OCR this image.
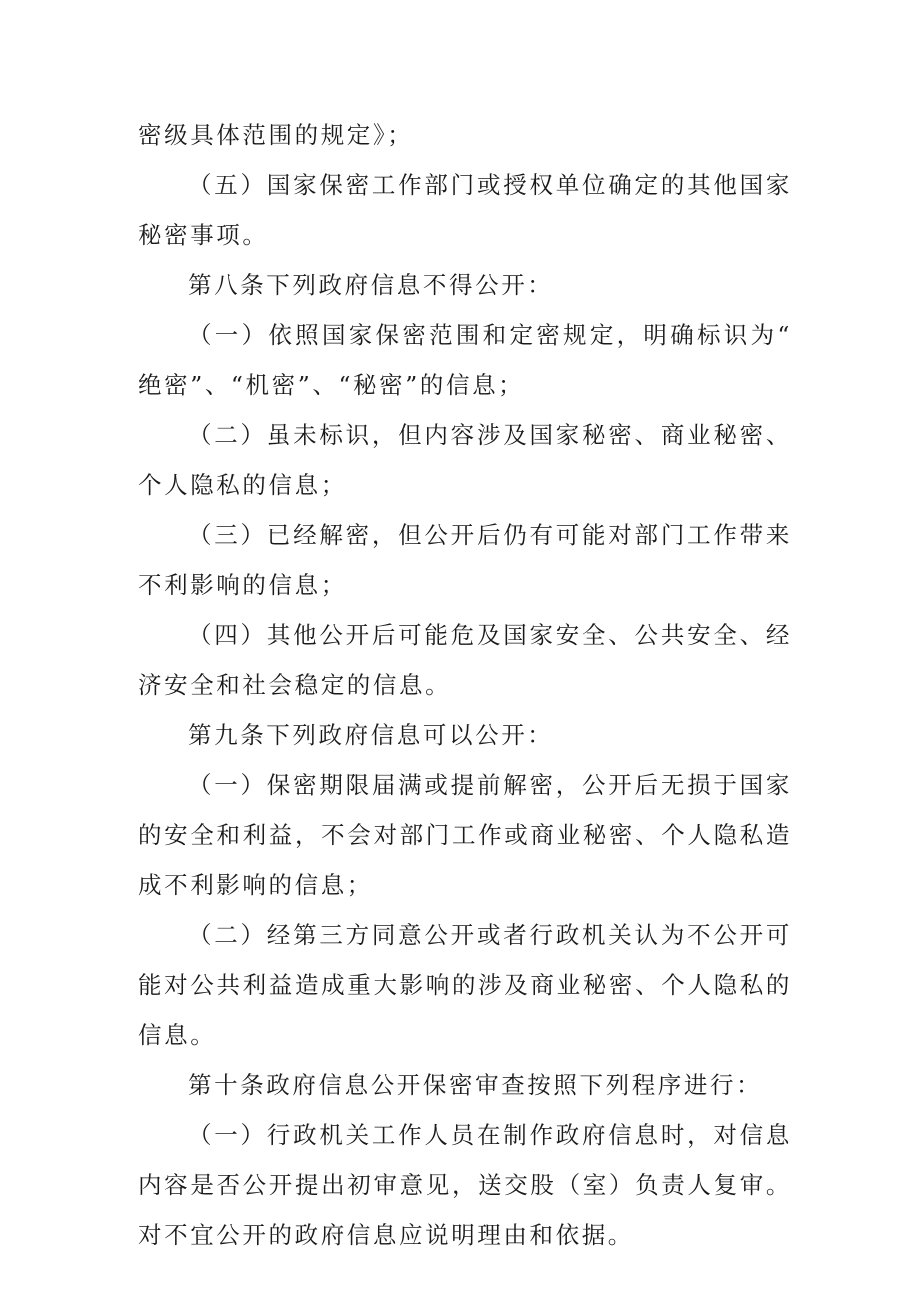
密级具体范围的规定》；

（五）国家保密工作部门或授权单位确定的其他国家秘密事项。

第八条下列政府信息不得公开：

（一）依照国家保密范围和定密规定，明确标识为“绝密”、“机密”、“秘密”的信息；

（二）虽未标识，但内容涉及国家秘密、商业秘密、个人隐私的信息；

（三）已经解密，但公开后仍有可能对部门工作带来不利影响的信息；

（四）其他公开后可能危及国家安全、公共安全、经济安全和社会稳定的信息。

第九条下列政府信息可以公开：

（一）保密期限届满或提前解密，公开后无损于国家的安全和利益，不会对部门工作或商业秘密、个人隐私造成不利影响的信息；

（二）经第三方同意公开或者行政机关认为不公开可能对公共利益造成重大影响的涉及商业秘密、个人隐私的信息。

第十条政府信息公开保密审查按照下列程序进行：

（一）行政机关工作人员在制作政府信息时，对信息内容是否公开提出初审意见，送交股（室）负责人复审。对不宜公开的政府信息应说明理由和依据。
